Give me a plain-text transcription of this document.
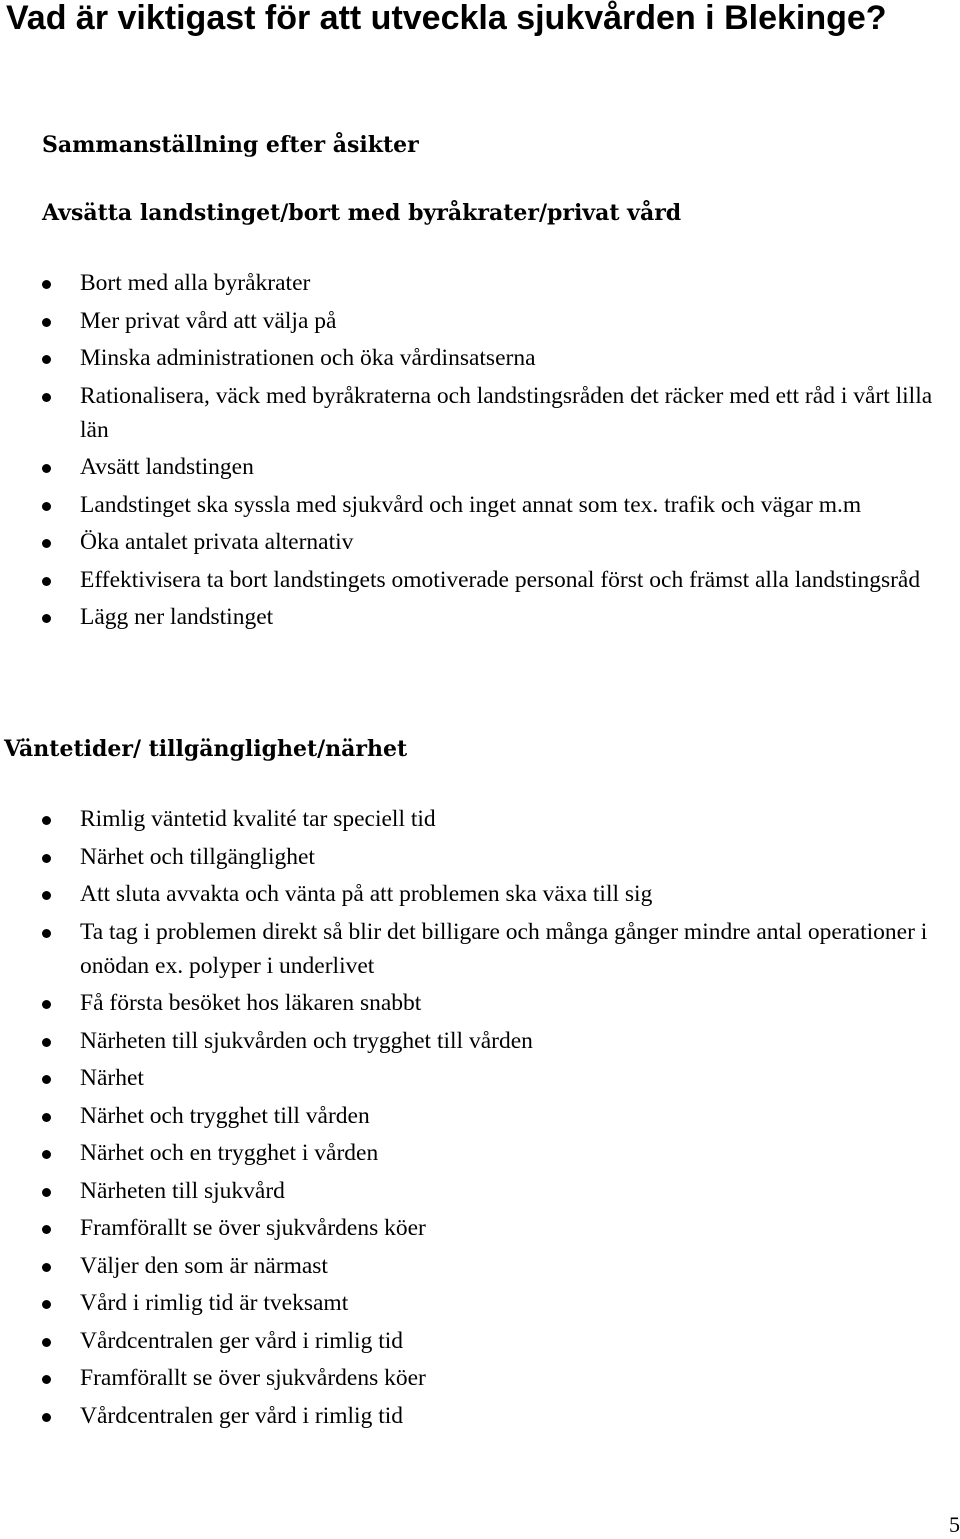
Vad är viktigast för att utveckla sjukvården i Blekinge?
Sammanställning efter åsikter
Avsätta landstinget/bort med byråkrater/privat vård
Bort med alla byråkrater
Mer privat vård att välja på
Minska administrationen och öka vårdinsatserna
Rationalisera, väck med byråkraterna och landstingsråden det räcker med ett råd i vårt lilla län
Avsätt landstingen
Landstinget ska syssla med sjukvård och inget annat som tex. trafik och vägar m.m
Öka antalet privata alternativ
Effektivisera ta bort landstingets omotiverade personal först och främst alla landstingsråd
Lägg ner landstinget
Väntetider/ tillgänglighet/närhet
Rimlig väntetid kvalité tar speciell tid
Närhet och tillgänglighet
Att sluta avvakta och vänta på att problemen ska växa till sig
Ta tag i problemen direkt så blir det billigare och många gånger mindre antal operationer i onödan ex. polyper i underlivet
Få första besöket hos läkaren snabbt
Närheten till sjukvården och trygghet till vården
Närhet
Närhet och trygghet till vården
Närhet och en trygghet i vården
Närheten till sjukvård
Framförallt se över sjukvårdens köer
Väljer den som är närmast
Vård i rimlig tid är tveksamt
Vårdcentralen ger vård i rimlig tid
Framförallt se över sjukvårdens köer
Vårdcentralen ger vård i rimlig tid
5
